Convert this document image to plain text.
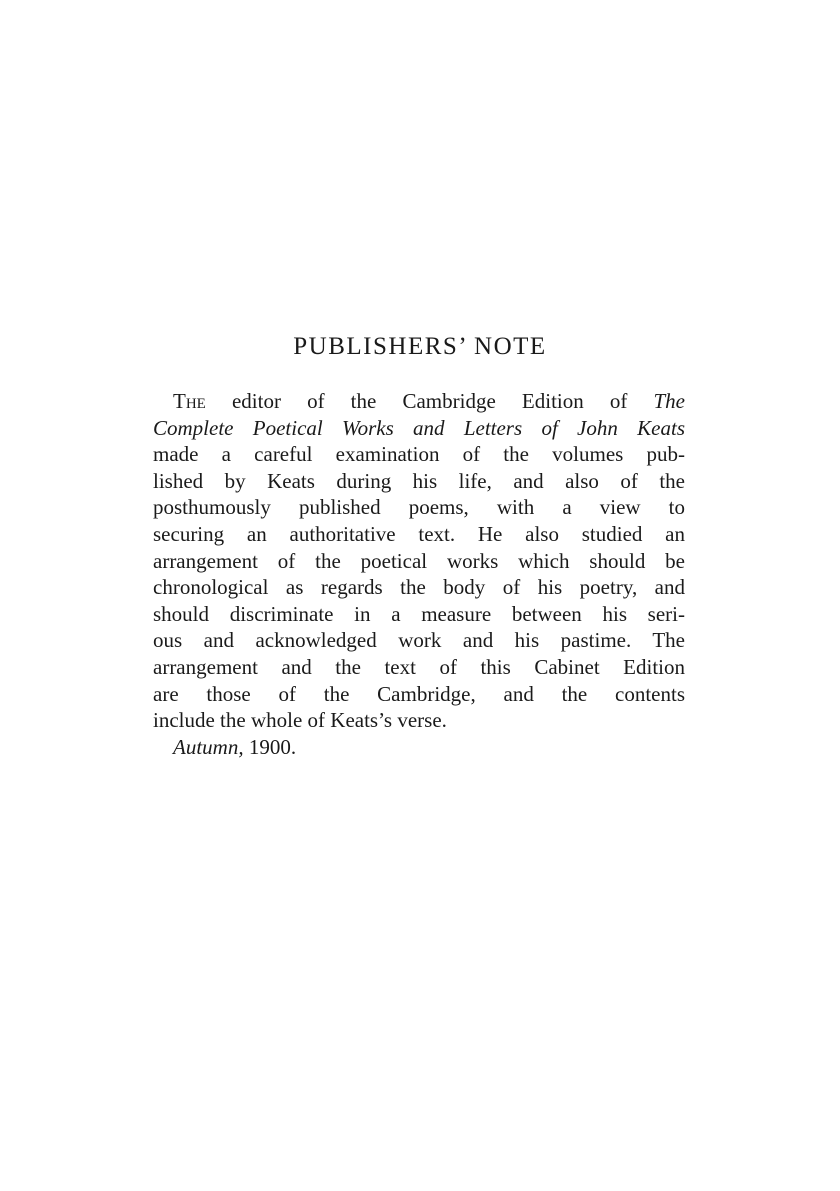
PUBLISHERS’ NOTE
The editor of the Cambridge Edition of The
Complete Poetical Works and Letters of John Keats
made a careful examination of the volumes pub-
lished by Keats during his life, and also of the
posthumously published poems, with a view to
securing an authoritative text. He also studied an
arrangement of the poetical works which should be
chronological as regards the body of his poetry, and
should discriminate in a measure between his seri-
ous and acknowledged work and his pastime. The
arrangement and the text of this Cabinet Edition
are those of the Cambridge, and the contents
include the whole of Keats’s verse.
Autumn, 1900.
